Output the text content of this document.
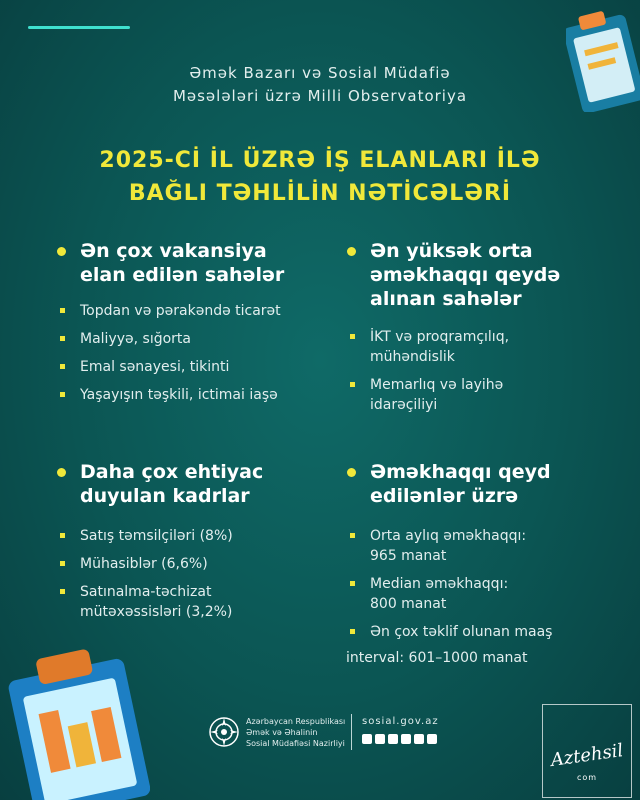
Əmək Bazarı və Sosial Müdafiə
Məsələləri üzrə Milli Observatoriya
2025-Cİ İL ÜZRƏ İŞ ELANLARI İLƏ
BAĞLI TƏHLİLİN NƏTİCƏLƏRİ
Ən çox vakansiya
elan edilən sahələr
Topdan və pərakəndə ticarət
Maliyyə, sığorta
Emal sənayesi, tikinti
Yaşayışın təşkili, ictimai iaşə
Ən yüksək orta
əməkhaqqı qeydə
alınan sahələr
İKT və proqramçılıq,
mühəndislik
Memarlıq və layihə
idarəçiliyi
Daha çox ehtiyac
duyulan kadrlar
Satış təmsilçiləri (8%)
Mühasiblər (6,6%)
Satınalma-təchizat
mütəxəssisləri (3,2%)
Əməkhaqqı qeyd
edilənlər üzrə
Orta aylıq əməkhaqqı:
965 manat
Median əməkhaqqı:
800 manat
Ən çox təklif olunan maaş
interval: 601–1000 manat
Azərbaycan Respublikası
Əmək və Əhalinin
Sosial Müdafiəsi Nazirliyi
sosial.gov.az
Aztehsil
com
